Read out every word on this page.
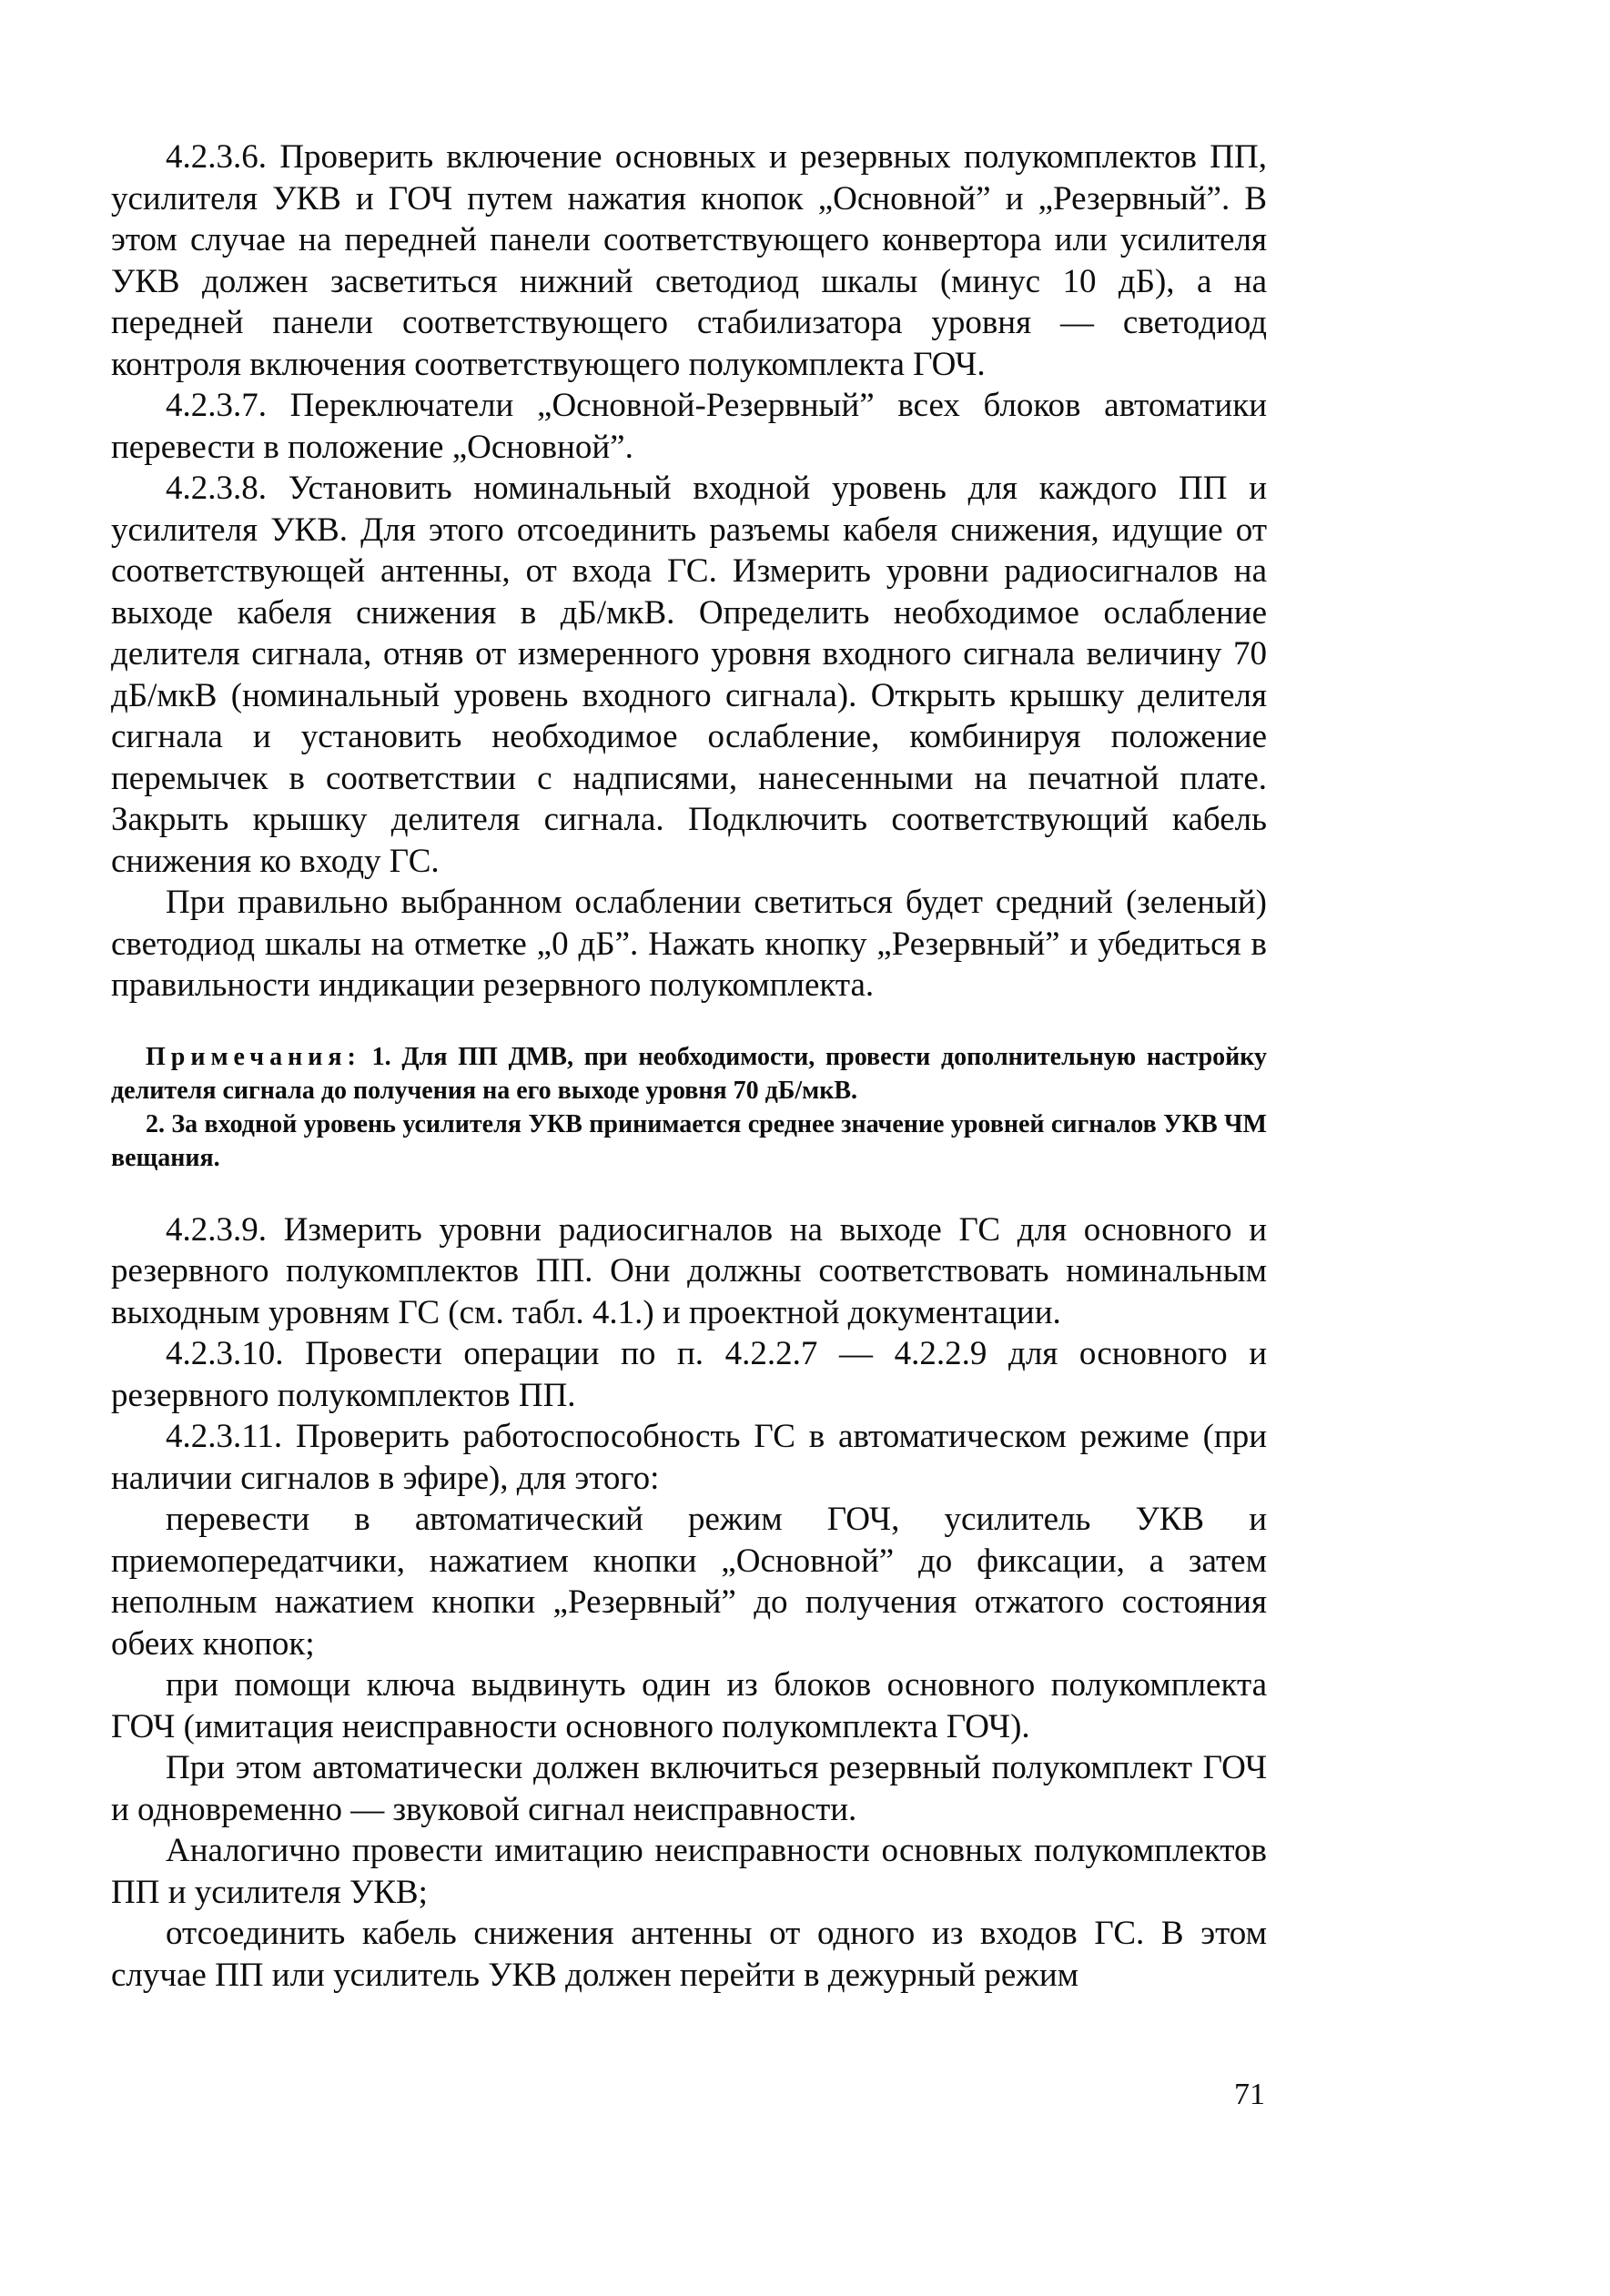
4.2.3.6. Проверить включение основных и резервных полукомплектов ПП, усилителя УКВ и ГОЧ путем нажатия кнопок „Основной” и „Резервный”. В этом случае на передней панели соответствующего конвертора или усилителя УКВ должен засветиться нижний светодиод шкалы (минус 10 дБ), а на передней панели соответствующего стабилизатора уровня — светодиод контроля включения соответствующего полукомплекта ГОЧ.

4.2.3.7. Переключатели „Основной-Резервный” всех блоков автоматики перевести в положение „Основной”.

4.2.3.8. Установить номинальный входной уровень для каждого ПП и усилителя УКВ. Для этого отсоединить разъемы кабеля снижения, идущие от соответствующей антенны, от входа ГС. Измерить уровни радиосигналов на выходе кабеля снижения в дБ/мкВ. Определить необходимое ослабление делителя сигнала, отняв от измеренного уровня входного сигнала величину 70 дБ/мкВ (номинальный уровень входного сигнала). Открыть крышку делителя сигнала и установить необходимое ослабление, комбинируя положение перемычек в соответствии с надписями, нанесенными на печатной плате. Закрыть крышку делителя сигнала. Подключить соответствующий кабель снижения ко входу ГС.

При правильно выбранном ослаблении светиться будет средний (зеленый) светодиод шкалы на отметке „0 дБ”. Нажать кнопку „Резервный” и убедиться в правильности индикации резервного полукомплекта.

Примечания: 1. Для ПП ДМВ, при необходимости, провести дополнительную настройку делителя сигнала до получения на его выходе уровня 70 дБ/мкВ.

2. За входной уровень усилителя УКВ принимается среднее значение уровней сигналов УКВ ЧМ вещания.

4.2.3.9. Измерить уровни радиосигналов на выходе ГС для основного и резервного полукомплектов ПП. Они должны соответствовать номинальным выходным уровням ГС (см. табл. 4.1.) и проектной документации.

4.2.3.10. Провести операции по п. 4.2.2.7 — 4.2.2.9 для основного и резервного полукомплектов ПП.

4.2.3.11. Проверить работоспособность ГС в автоматическом режиме (при наличии сигналов в эфире), для этого:

перевести в автоматический режим ГОЧ, усилитель УКВ и приемопередатчики, нажатием кнопки „Основной” до фиксации, а затем неполным нажатием кнопки „Резервный” до получения отжатого состояния обеих кнопок;

при помощи ключа выдвинуть один из блоков основного полукомплекта ГОЧ (имитация неисправности основного полукомплекта ГОЧ).

При этом автоматически должен включиться резервный полукомплект ГОЧ и одновременно — звуковой сигнал неисправности.

Аналогично провести имитацию неисправности основных полукомплектов ПП и усилителя УКВ;

отсоединить кабель снижения антенны от одного из входов ГС. В этом случае ПП или усилитель УКВ должен перейти в дежурный режим

71
